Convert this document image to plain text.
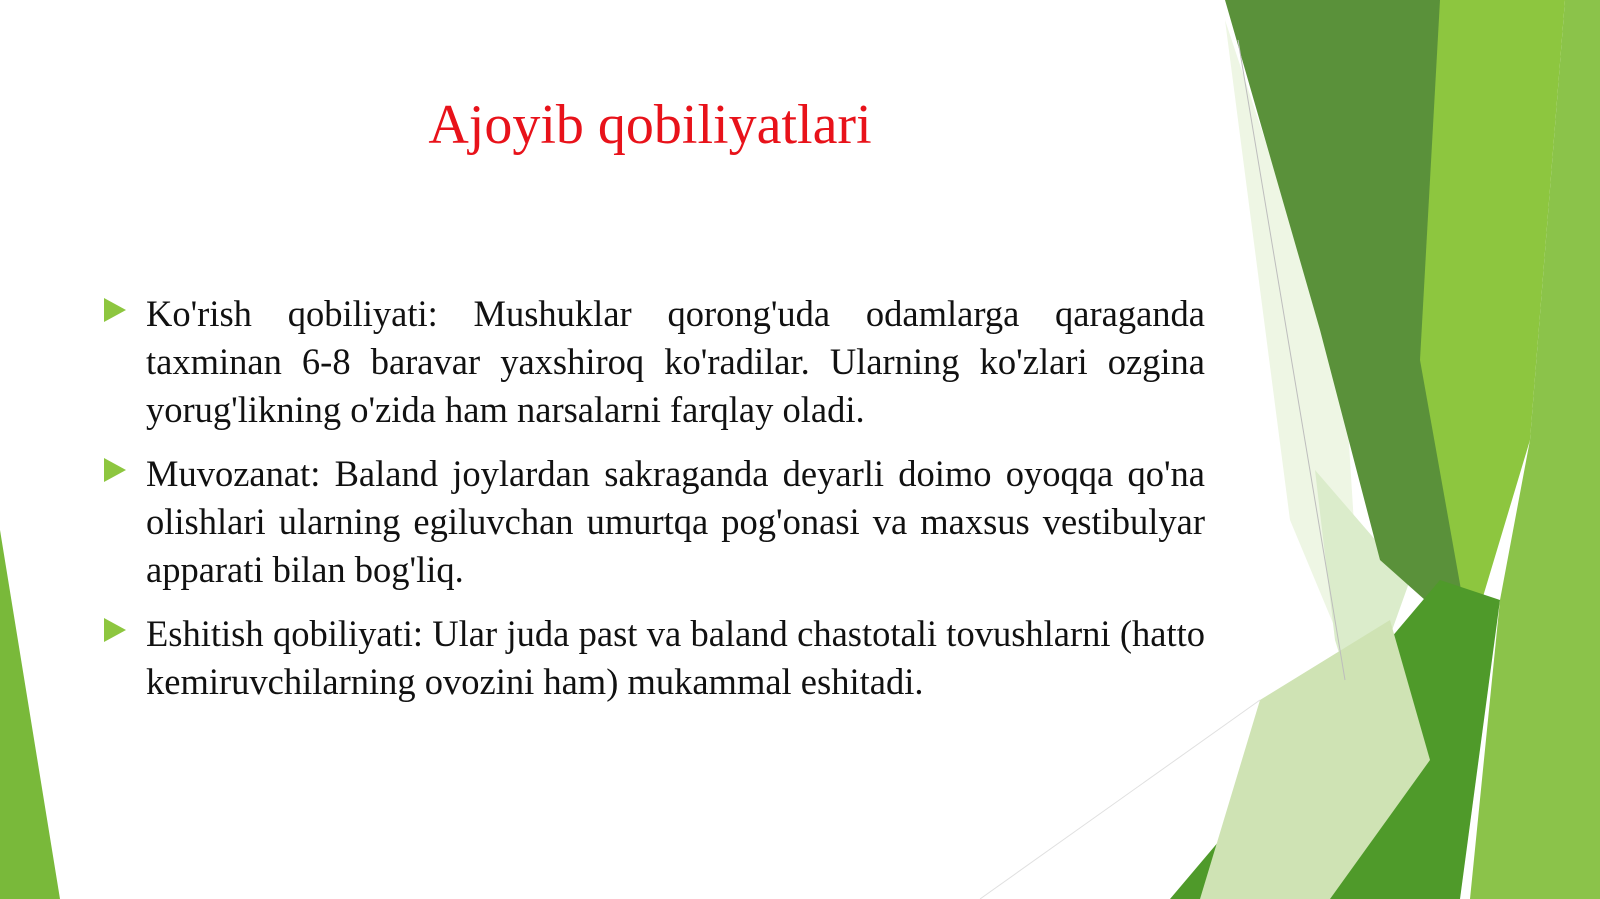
Ajoyib qobiliyatlari
Ko'rish qobiliyati: Mushuklar qorong'uda odamlarga qaraganda taxminan 6-8 baravar yaxshiroq ko'radilar. Ularning ko'zlari ozgina yorug'likning o'zida ham narsalarni farqlay oladi.
Muvozanat: Baland joylardan sakraganda deyarli doimo oyoqqa qo'na olishlari ularning egiluvchan umurtqa pog'onasi va maxsus vestibulyar apparati bilan bog'liq.
Eshitish qobiliyati: Ular juda past va baland chastotali tovushlarni (hatto kemiruvchilarning ovozini ham) mukammal eshitadi.
